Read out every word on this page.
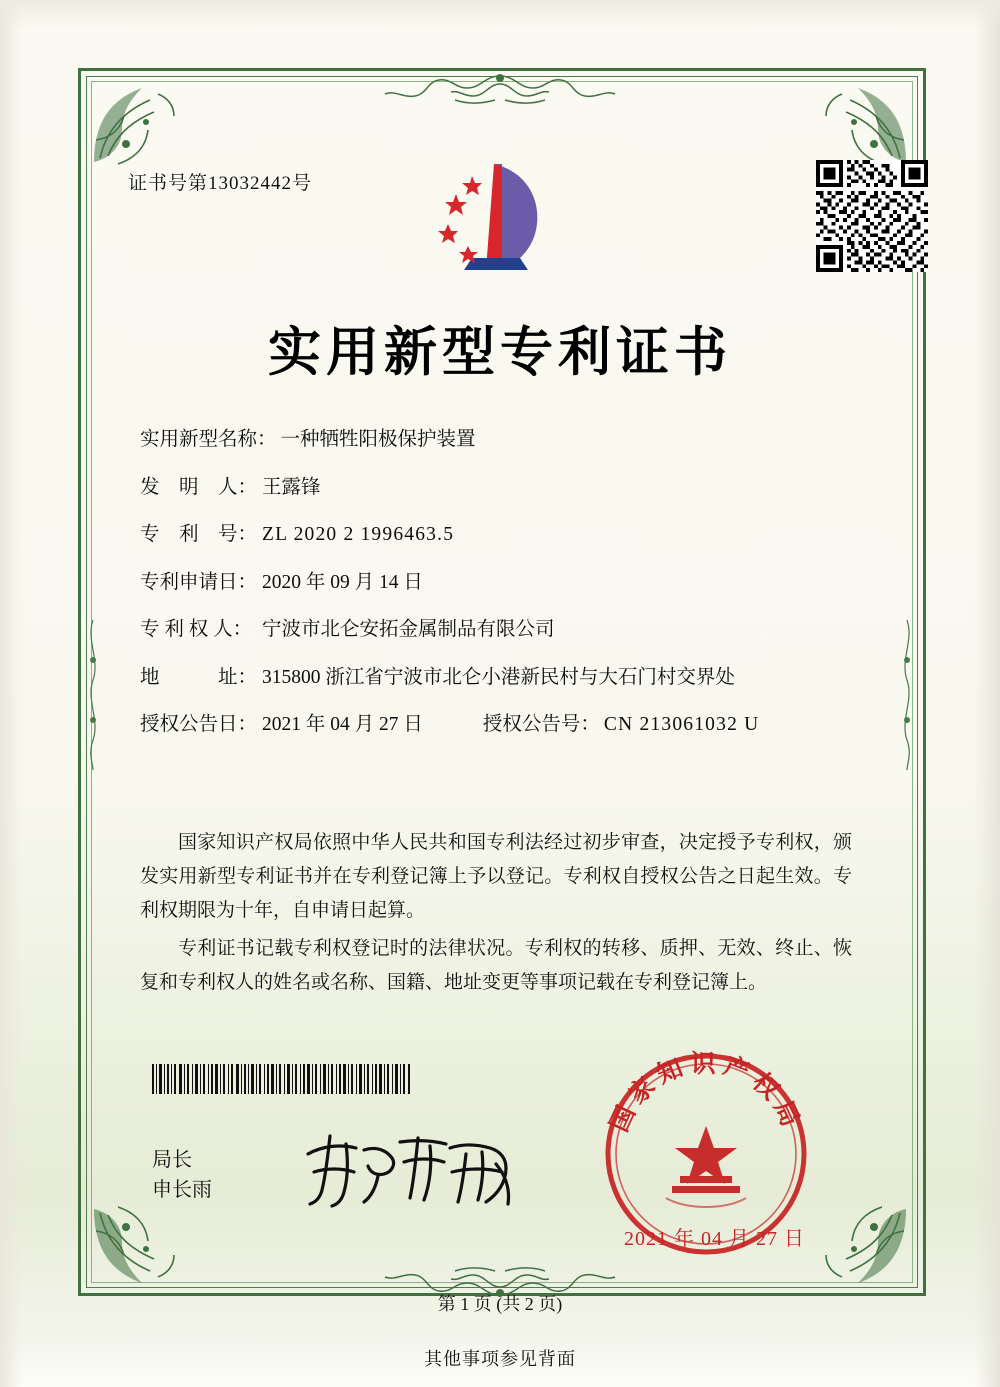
证书号第13032442号
实用新型专利证书
实用新型名称： 一种牺牲阳极保护装置
发　明　人： 王露锋
专　利　号： ZL 2020 2 1996463.5
专利申请日： 2020 年 09 月 14 日
专 利 权 人： 宁波市北仑安拓金属制品有限公司
地　　　址： 315800 浙江省宁波市北仑小港新民村与大石门村交界处
授权公告日： 2021 年 04 月 27 日	授权公告号： CN 213061032 U

国家知识产权局依照中华人民共和国专利法经过初步审查，决定授予专利权，颁发实用新型专利证书并在专利登记簿上予以登记。专利权自授权公告之日起生效。专利权期限为十年，自申请日起算。

专利证书记载专利权登记时的法律状况。专利权的转移、质押、无效、终止、恢复和专利权人的姓名或名称、国籍、地址变更等事项记载在专利登记簿上。

局长
申长雨
国家知识产权局
2021 年 04 月 27 日
第 1 页 (共 2 页)
其他事项参见背面
